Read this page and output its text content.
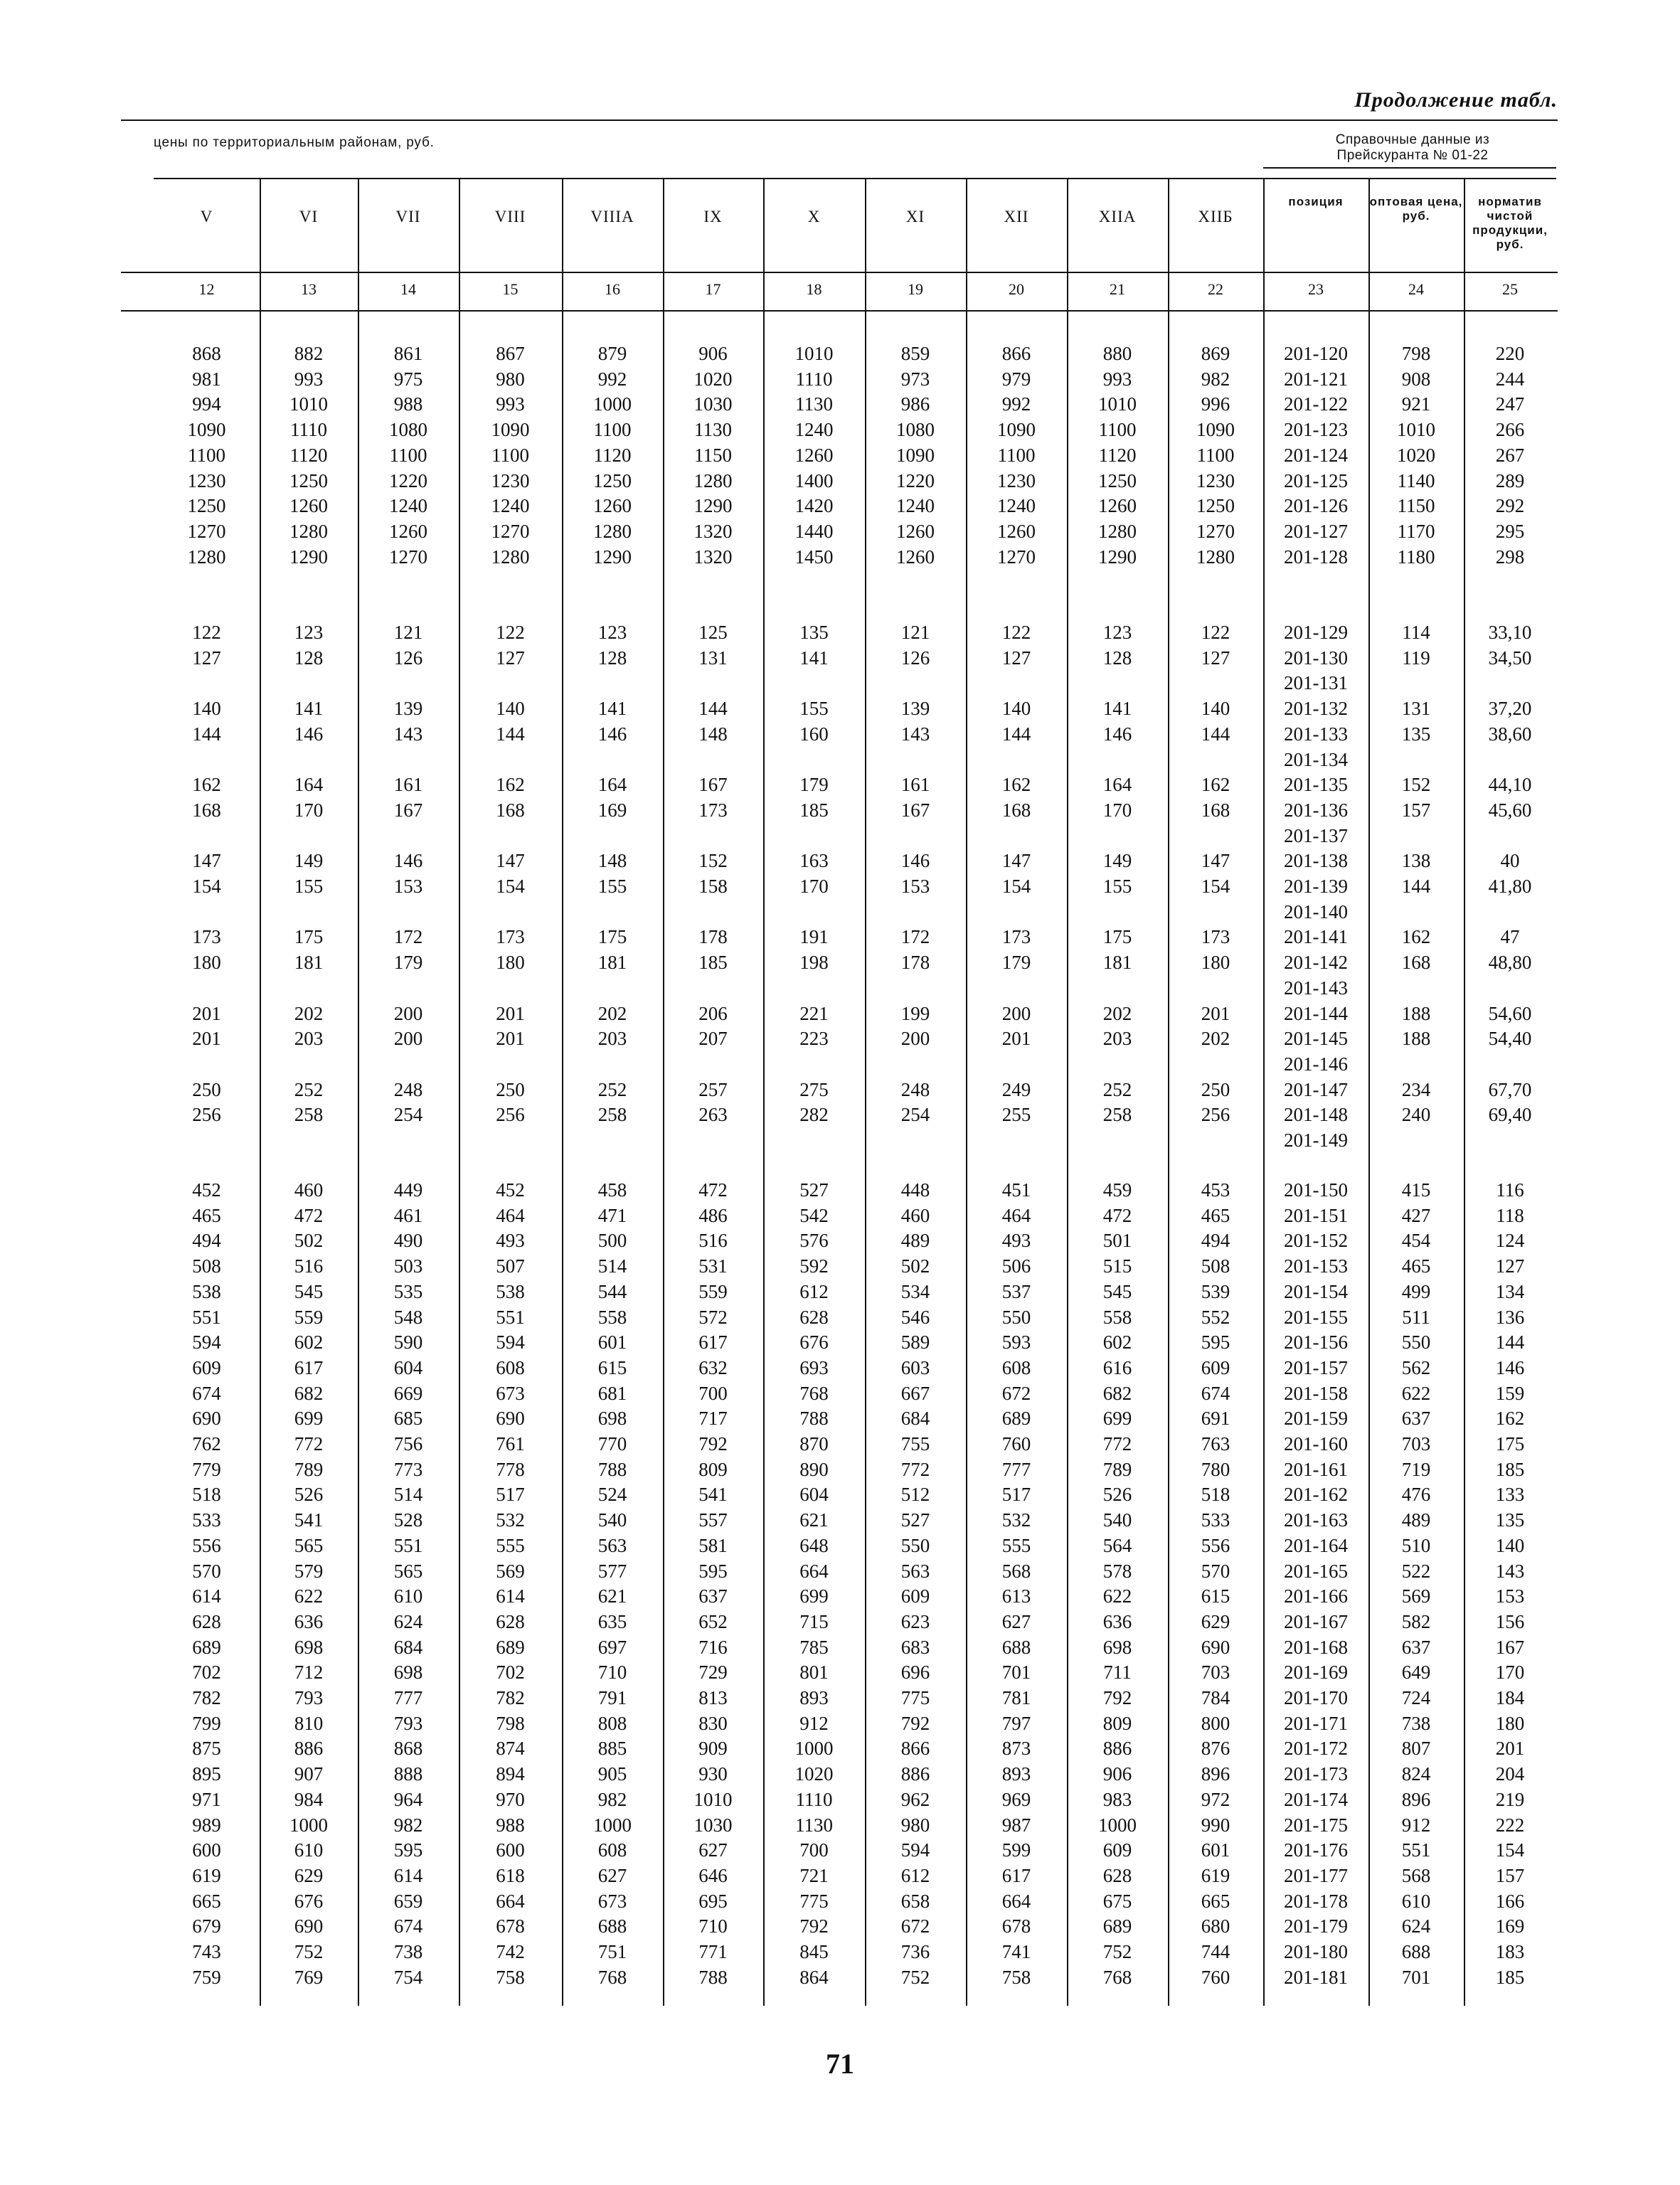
Продолжение табл.
цены по территориальным районам, руб.	Справочные данные из
Прейскуранта № 01-22
V
12
VI
13
VII
14
VIII
15
VIIIA
16
IX
17
X
18
XI
19
XII
20
XIIA
21
XIIБ
22
позиция
23
оптовая цена, руб.
24
норматив чистой продукции, руб.
25
868
981
994
1090
1100
1230
1250
1270
1280
882
993
1010
1110
1120
1250
1260
1280
1290
861
975
988
1080
1100
1220
1240
1260
1270
867
980
993
1090
1100
1230
1240
1270
1280
879
992
1000
1100
1120
1250
1260
1280
1290
906
1020
1030
1130
1150
1280
1290
1320
1320
1010
1110
1130
1240
1260
1400
1420
1440
1450
859
973
986
1080
1090
1220
1240
1260
1260
866
979
992
1090
1100
1230
1240
1260
1270
880
993
1010
1100
1120
1250
1260
1280
1290
869
982
996
1090
1100
1230
1250
1270
1280
201-120
201-121
201-122
201-123
201-124
201-125
201-126
201-127
201-128
798
908
921
1010
1020
1140
1150
1170
1180
220
244
247
266
267
289
292
295
298
122
127

140
144

162
168

147
154

173
180

201
201

250
256

123
128

141
146

164
170

149
155

175
181

202
203

252
258

121
126

139
143

161
167

146
153

172
179

200
200

248
254

122
127

140
144

162
168

147
154

173
180

201
201

250
256

123
128

141
146

164
169

148
155

175
181

202
203

252
258

125
131

144
148

167
173

152
158

178
185

206
207

257
263

135
141

155
160

179
185

163
170

191
198

221
223

275
282

121
126

139
143

161
167

146
153

172
178

199
200

248
254

122
127

140
144

162
168

147
154

173
179

200
201

249
255

123
128

141
146

164
170

149
155

175
181

202
203

252
258

122
127

140
144

162
168

147
154

173
180

201
202

250
256

201-129
201-130
201-131
201-132
201-133
201-134
201-135
201-136
201-137
201-138
201-139
201-140
201-141
201-142
201-143
201-144
201-145
201-146
201-147
201-148
201-149
114
119

131
135

152
157

138
144

162
168

188
188

234
240

33,10
34,50

37,20
38,60

44,10
45,60

40
41,80

47
48,80

54,60
54,40

67,70
69,40

452
465
494
508
538
551
594
609
674
690
762
779
518
533
556
570
614
628
689
702
782
799
875
895
971
989
600
619
665
679
743
759
460
472
502
516
545
559
602
617
682
699
772
789
526
541
565
579
622
636
698
712
793
810
886
907
984
1000
610
629
676
690
752
769
449
461
490
503
535
548
590
604
669
685
756
773
514
528
551
565
610
624
684
698
777
793
868
888
964
982
595
614
659
674
738
754
452
464
493
507
538
551
594
608
673
690
761
778
517
532
555
569
614
628
689
702
782
798
874
894
970
988
600
618
664
678
742
758
458
471
500
514
544
558
601
615
681
698
770
788
524
540
563
577
621
635
697
710
791
808
885
905
982
1000
608
627
673
688
751
768
472
486
516
531
559
572
617
632
700
717
792
809
541
557
581
595
637
652
716
729
813
830
909
930
1010
1030
627
646
695
710
771
788
527
542
576
592
612
628
676
693
768
788
870
890
604
621
648
664
699
715
785
801
893
912
1000
1020
1110
1130
700
721
775
792
845
864
448
460
489
502
534
546
589
603
667
684
755
772
512
527
550
563
609
623
683
696
775
792
866
886
962
980
594
612
658
672
736
752
451
464
493
506
537
550
593
608
672
689
760
777
517
532
555
568
613
627
688
701
781
797
873
893
969
987
599
617
664
678
741
758
459
472
501
515
545
558
602
616
682
699
772
789
526
540
564
578
622
636
698
711
792
809
886
906
983
1000
609
628
675
689
752
768
453
465
494
508
539
552
595
609
674
691
763
780
518
533
556
570
615
629
690
703
784
800
876
896
972
990
601
619
665
680
744
760
201-150
201-151
201-152
201-153
201-154
201-155
201-156
201-157
201-158
201-159
201-160
201-161
201-162
201-163
201-164
201-165
201-166
201-167
201-168
201-169
201-170
201-171
201-172
201-173
201-174
201-175
201-176
201-177
201-178
201-179
201-180
201-181
415
427
454
465
499
511
550
562
622
637
703
719
476
489
510
522
569
582
637
649
724
738
807
824
896
912
551
568
610
624
688
701
116
118
124
127
134
136
144
146
159
162
175
185
133
135
140
143
153
156
167
170
184
180
201
204
219
222
154
157
166
169
183
185
71
